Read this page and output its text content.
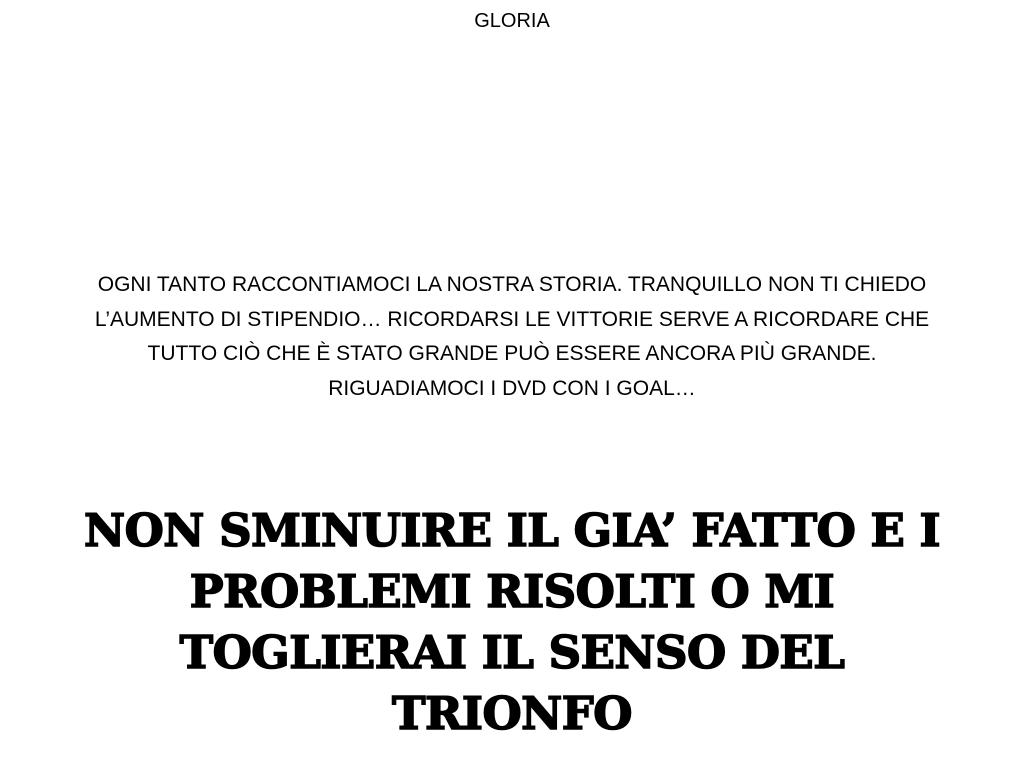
GLORIA
OGNI TANTO RACCONTIAMOCI LA NOSTRA STORIA. TRANQUILLO NON TI CHIEDO L’AUMENTO DI STIPENDIO… RICORDARSI LE VITTORIE SERVE A RICORDARE CHE TUTTO CIÒ CHE È STATO GRANDE PUÒ ESSERE ANCORA PIÙ GRANDE. RIGUADIAMOCI I DVD CON I GOAL…
NON SMINUIRE IL GIA’ FATTO E I PROBLEMI RISOLTI O MI TOGLIERAI IL SENSO DEL TRIONFO
